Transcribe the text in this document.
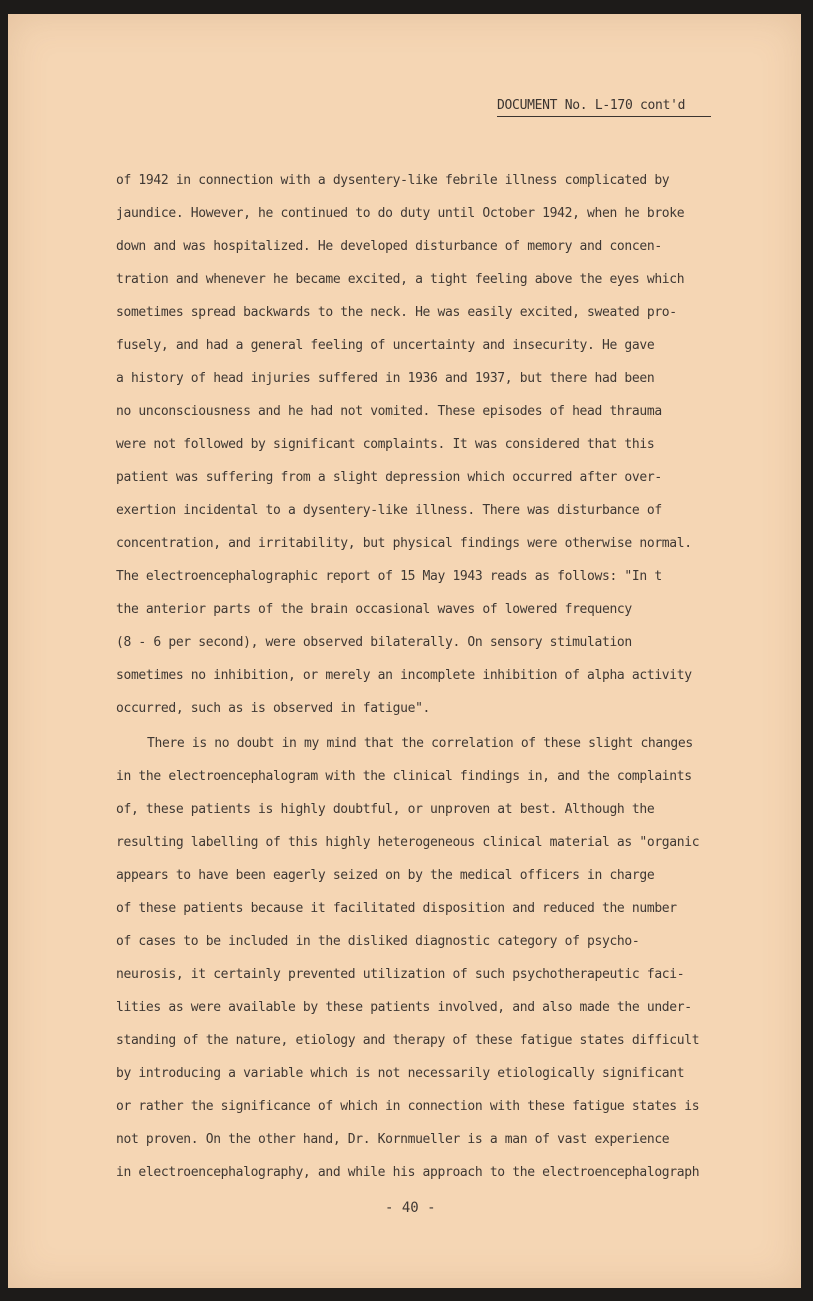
DOCUMENT No. L-170 cont'd
of 1942 in connection with a dysentery-like febrile illness complicated by
jaundice. However, he continued to do duty until October 1942, when he broke
down and was hospitalized. He developed disturbance of memory and concen-
tration and whenever he became excited, a tight feeling above the eyes which
sometimes spread backwards to the neck. He was easily excited, sweated pro-
fusely, and had a general feeling of uncertainty and insecurity. He gave
a history of head injuries suffered in 1936 and 1937, but there had been
no unconsciousness and he had not vomited. These episodes of head thrauma
were not followed by significant complaints. It was considered that this
patient was suffering from a slight depression which occurred after over-
exertion incidental to a dysentery-like illness. There was disturbance of
concentration, and irritability, but physical findings were otherwise normal.
The electroencephalographic report of 15 May 1943 reads as follows: "In t
the anterior parts of the brain occasional waves of lowered frequency
(8 - 6 per second), were observed bilaterally. On sensory stimulation
sometimes no inhibition, or merely an incomplete inhibition of alpha activity
occurred, such as is observed in fatigue".
There is no doubt in my mind that the correlation of these slight changes
in the electroencephalogram with the clinical findings in, and the complaints
of, these patients is highly doubtful, or unproven at best. Although the
resulting labelling of this highly heterogeneous clinical material as "organic
appears to have been eagerly seized on by the medical officers in charge
of these patients because it facilitated disposition and reduced the number
of cases to be included in the disliked diagnostic category of psycho-
neurosis, it certainly prevented utilization of such psychotherapeutic faci-
lities as were available by these patients involved, and also made the under-
standing of the nature, etiology and therapy of these fatigue states difficult
by introducing a variable which is not necessarily etiologically significant
or rather the significance of which in connection with these fatigue states is
not proven. On the other hand, Dr. Kornmueller is a man of vast experience
in electroencephalography, and while his approach to the electroencephalograph
- 40 -
